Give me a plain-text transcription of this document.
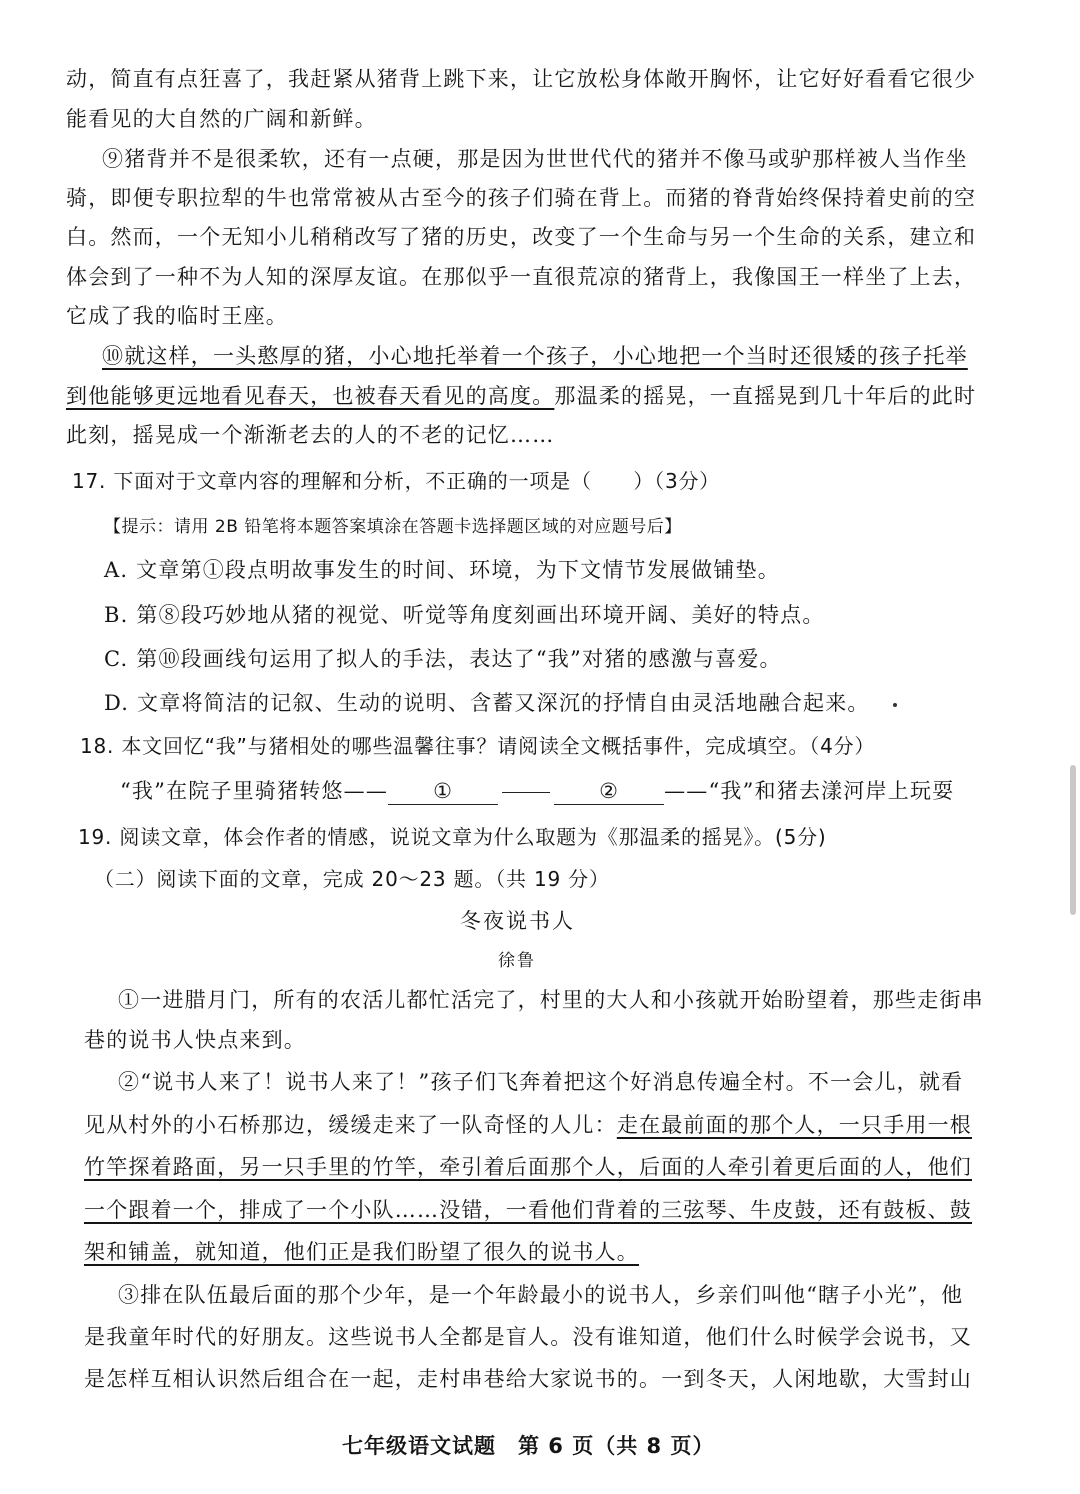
动，简直有点狂喜了，我赶紧从猪背上跳下来，让它放松身体敞开胸怀，让它好好看看它很少
能看见的大自然的广阔和新鲜。
⑨猪背并不是很柔软，还有一点硬，那是因为世世代代的猪并不像马或驴那样被人当作坐
骑，即便专职拉犁的牛也常常被从古至今的孩子们骑在背上。而猪的脊背始终保持着史前的空
白。然而，一个无知小儿稍稍改写了猪的历史，改变了一个生命与另一个生命的关系，建立和
体会到了一种不为人知的深厚友谊。在那似乎一直很荒凉的猪背上，我像国王一样坐了上去，
它成了我的临时王座。
⑩就这样，一头憨厚的猪，小心地托举着一个孩子，小心地把一个当时还很矮的孩子托举
到他能够更远地看见春天，也被春天看见的高度。那温柔的摇晃，一直摇晃到几十年后的此时
此刻，摇晃成一个渐渐老去的人的不老的记忆……
17. 下面对于文章内容的理解和分析，不正确的一项是（　　）（3分）
【提示：请用 2B 铅笔将本题答案填涂在答题卡选择题区域的对应题号后】
A. 文章第①段点明故事发生的时间、环境，为下文情节发展做铺垫。
B. 第⑧段巧妙地从猪的视觉、听觉等角度刻画出环境开阔、美好的特点。
C. 第⑩段画线句运用了拟人的手法，表达了“我”对猪的感激与喜爱。
D. 文章将简洁的记叙、生动的说明、含蓄又深沉的抒情自由灵活地融合起来。
18. 本文回忆“我”与猪相处的哪些温馨往事？请阅读全文概括事件，完成填空。（4分）
“我”在院子里骑猪转悠—— ①	② ——“我”和猪去漾河岸上玩耍
19. 阅读文章，体会作者的情感，说说文章为什么取题为《那温柔的摇晃》。(5分)
（二）阅读下面的文章，完成 20～23 题。（共 19 分）
冬夜说书人
徐鲁
①一进腊月门，所有的农活儿都忙活完了，村里的大人和小孩就开始盼望着，那些走街串
巷的说书人快点来到。
②“说书人来了！说书人来了！”孩子们飞奔着把这个好消息传遍全村。不一会儿，就看
见从村外的小石桥那边，缓缓走来了一队奇怪的人儿：走在最前面的那个人，一只手用一根
竹竿探着路面，另一只手里的竹竿，牵引着后面那个人，后面的人牵引着更后面的人，他们
一个跟着一个，排成了一个小队……没错，一看他们背着的三弦琴、牛皮鼓，还有鼓板、鼓
架和铺盖，就知道，他们正是我们盼望了很久的说书人。
③排在队伍最后面的那个少年，是一个年龄最小的说书人，乡亲们叫他“瞎子小光”，他
是我童年时代的好朋友。这些说书人全都是盲人。没有谁知道，他们什么时候学会说书，又
是怎样互相认识然后组合在一起，走村串巷给大家说书的。一到冬天，人闲地歇，大雪封山
七年级语文试题　第 6 页（共 8 页）
